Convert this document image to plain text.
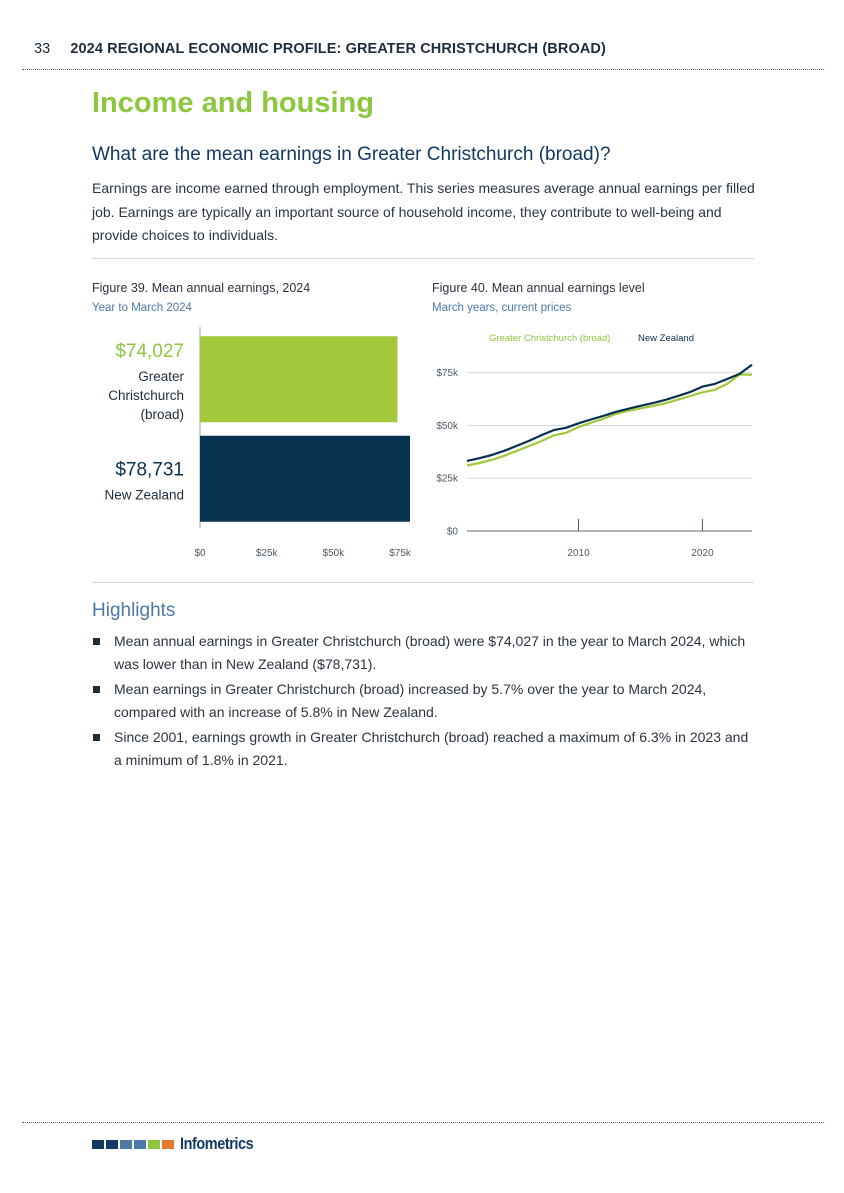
33 2024 REGIONAL ECONOMIC PROFILE: GREATER CHRISTCHURCH (BROAD)
Income and housing
What are the mean earnings in Greater Christchurch (broad)?
Earnings are income earned through employment. This series measures average annual earnings per filled job. Earnings are typically an important source of household income, they contribute to well-being and provide choices to individuals.
Figure 39. Mean annual earnings, 2024
Year to March 2024
Figure 40. Mean annual earnings level
March years, current prices
$74,027
Greater
Christchurch
(broad)
$78,731
New Zealand
$0	$25k	$50k	$75k
$0
$25k
$50k
$75k
2010	2020
Greater Christchurch (broad)	New Zealand
Highlights
Mean annual earnings in Greater Christchurch (broad) were $74,027 in the year to March 2024, which was lower than in New Zealand ($78,731).
Mean earnings in Greater Christchurch (broad) increased by 5.7% over the year to March 2024, compared with an increase of 5.8% in New Zealand.
Since 2001, earnings growth in Greater Christchurch (broad) reached a maximum of 6.3% in 2023 and a minimum of 1.8% in 2021.
Infometrics
